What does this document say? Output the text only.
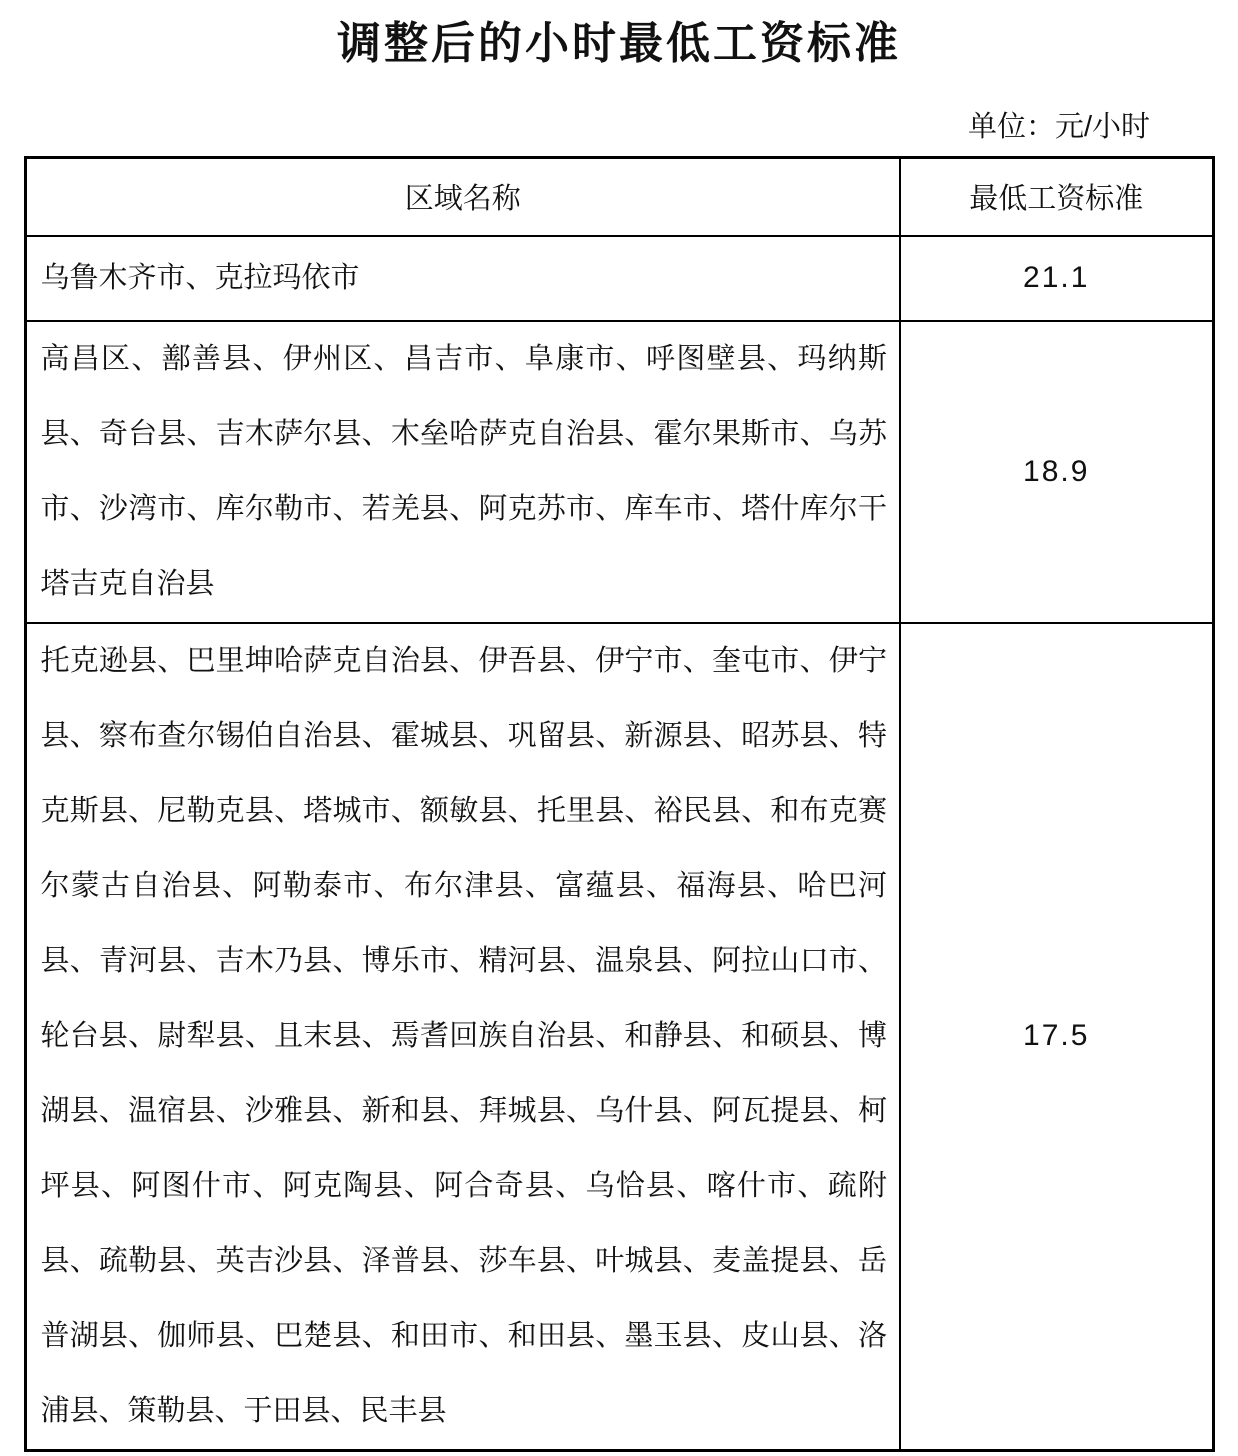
调整后的小时最低工资标准
单位：元/小时
区域名称	最低工资标准
乌鲁木齐市、克拉玛依市	21.1
高昌区、鄯善县、伊州区、昌吉市、阜康市、呼图壁县、玛纳斯县、奇台县、吉木萨尔县、木垒哈萨克自治县、霍尔果斯市、乌苏市、沙湾市、库尔勒市、若羌县、阿克苏市、库车市、塔什库尔干塔吉克自治县	18.9
托克逊县、巴里坤哈萨克自治县、伊吾县、伊宁市、奎屯市、伊宁县、察布查尔锡伯自治县、霍城县、巩留县、新源县、昭苏县、特克斯县、尼勒克县、塔城市、额敏县、托里县、裕民县、和布克赛尔蒙古自治县、阿勒泰市、布尔津县、富蕴县、福海县、哈巴河县、青河县、吉木乃县、博乐市、精河县、温泉县、阿拉山口市、轮台县、尉犁县、且末县、焉耆回族自治县、和静县、和硕县、博湖县、温宿县、沙雅县、新和县、拜城县、乌什县、阿瓦提县、柯坪县、阿图什市、阿克陶县、阿合奇县、乌恰县、喀什市、疏附县、疏勒县、英吉沙县、泽普县、莎车县、叶城县、麦盖提县、岳普湖县、伽师县、巴楚县、和田市、和田县、墨玉县、皮山县、洛浦县、策勒县、于田县、民丰县	17.5
